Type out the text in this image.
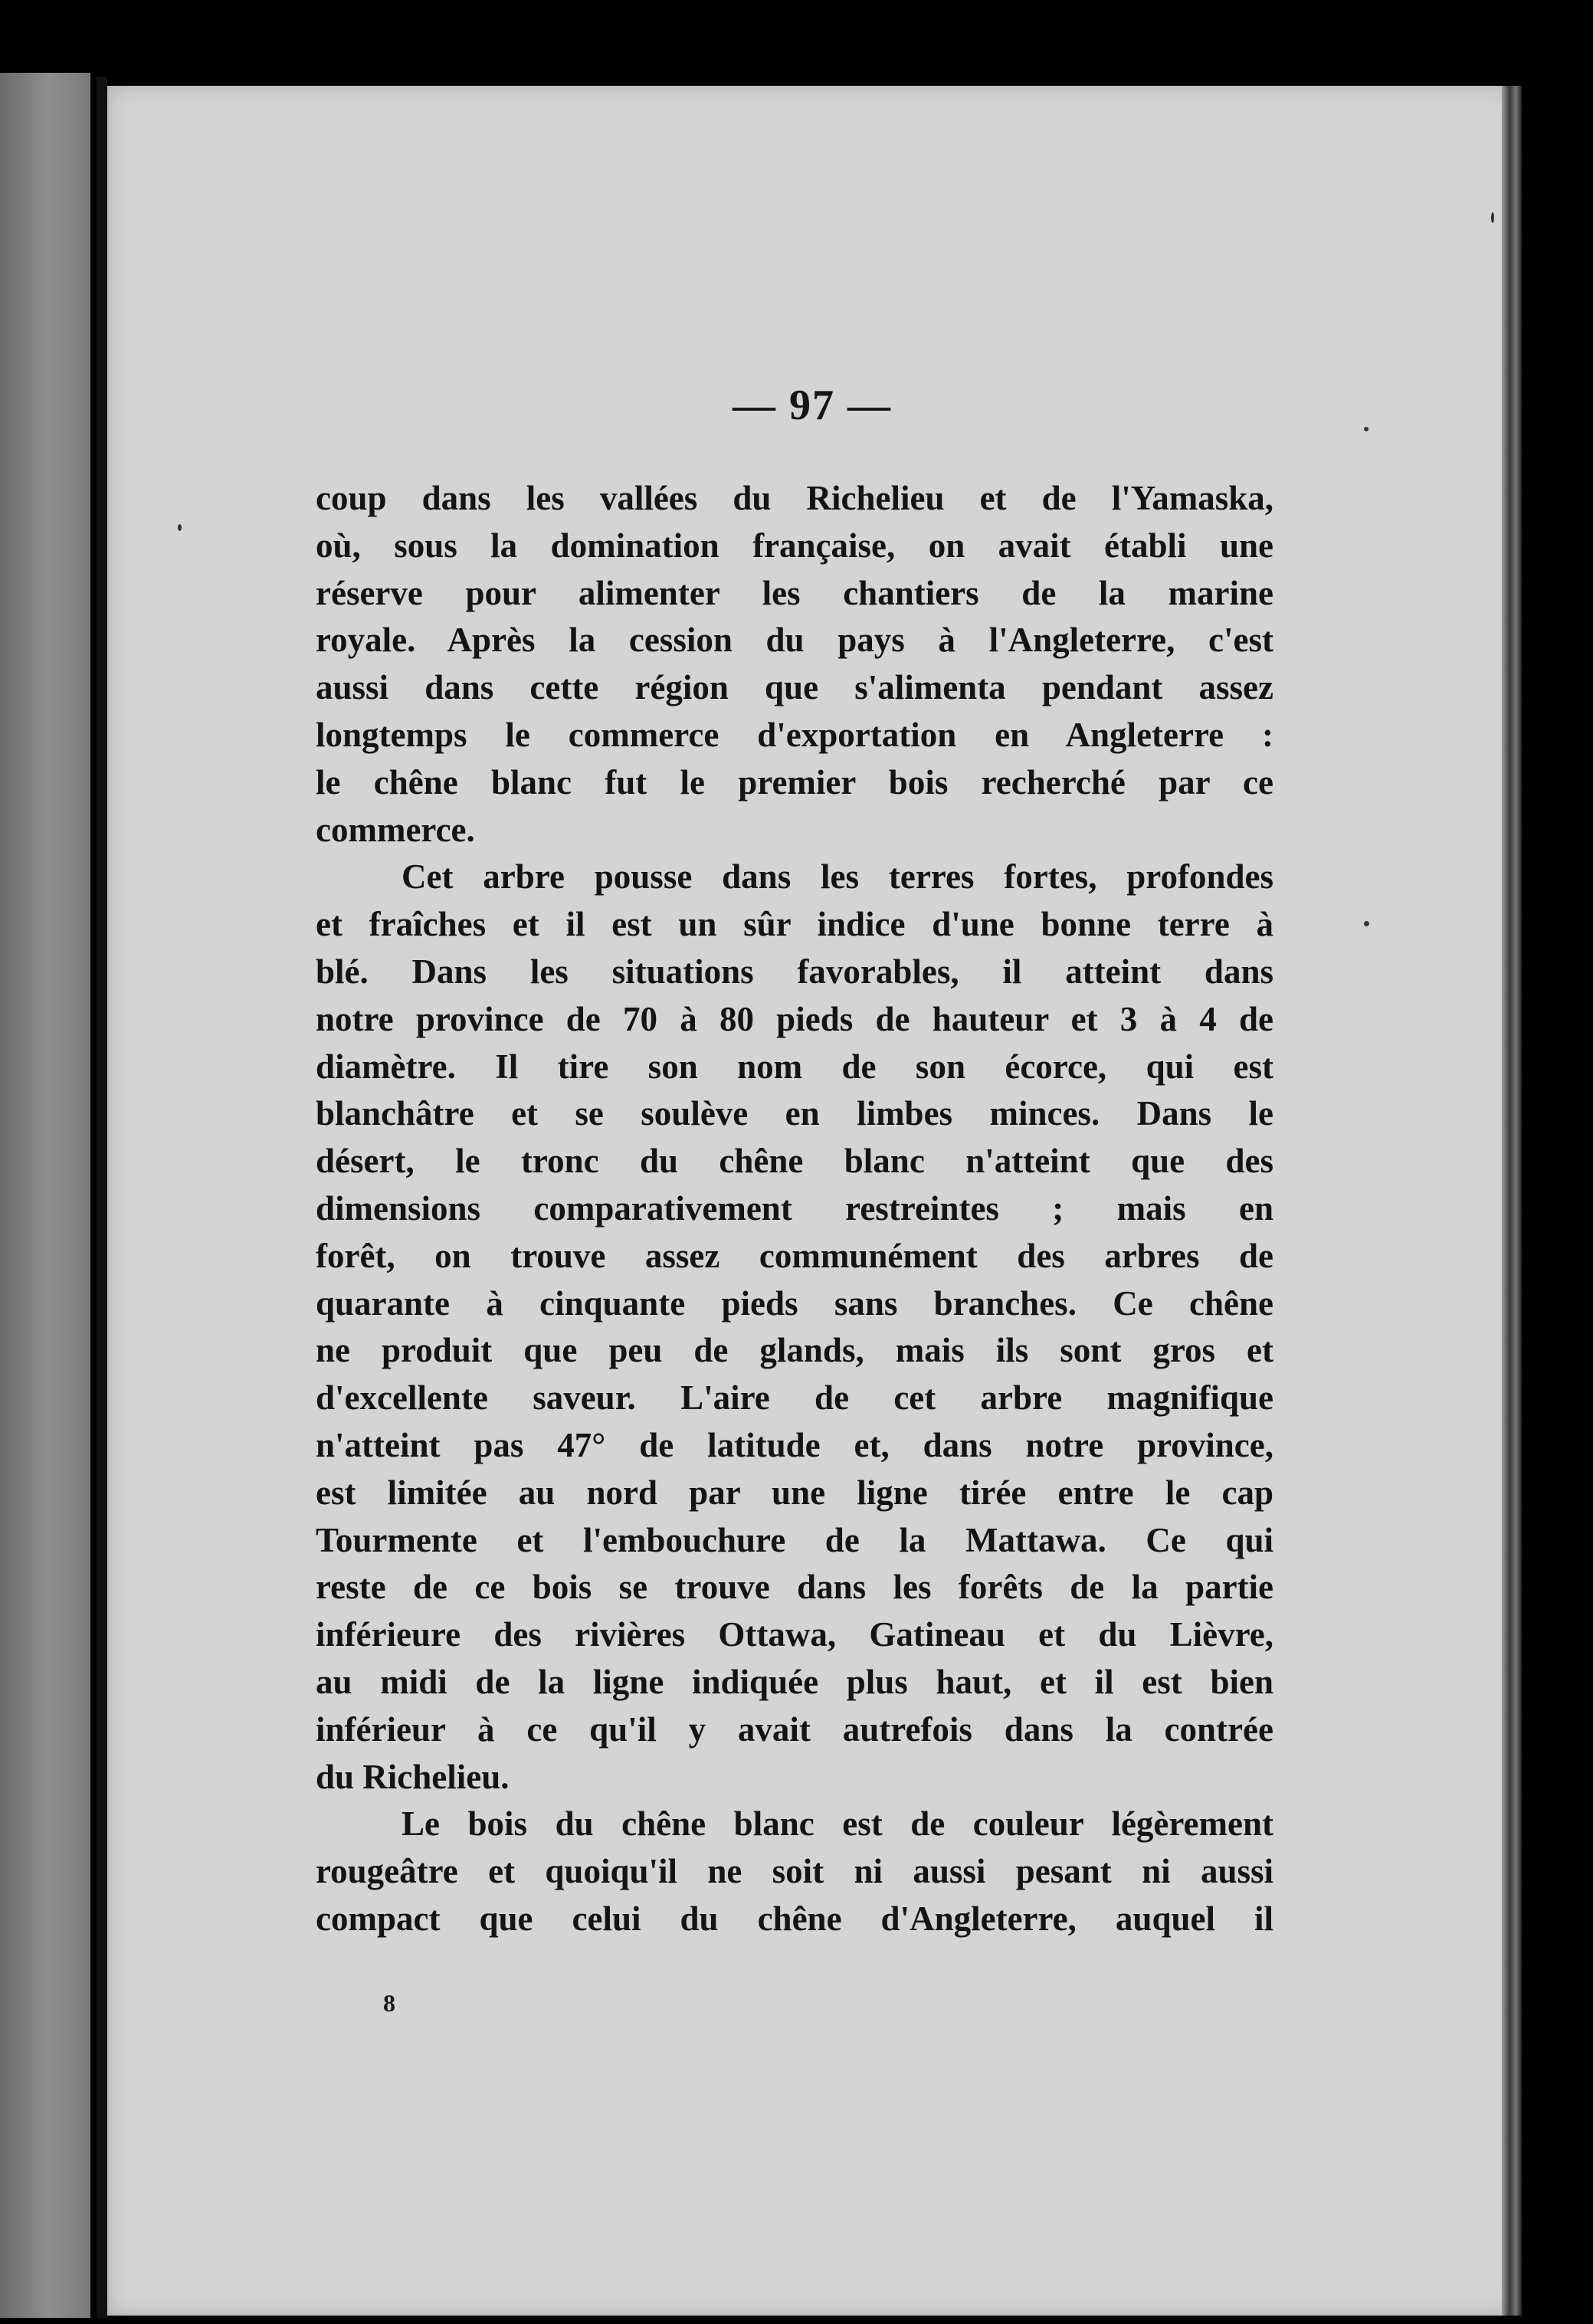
— 97 —
coup dans les vallées du Richelieu et de l'Yamaska,
où, sous la domination française, on avait établi une
réserve pour alimenter les chantiers de la marine
royale. Après la cession du pays à l'Angleterre, c'est
aussi dans cette région que s'alimenta pendant assez
longtemps le commerce d'exportation en Angleterre :
le chêne blanc fut le premier bois recherché par ce
commerce.
Cet arbre pousse dans les terres fortes, profondes
et fraîches et il est un sûr indice d'une bonne terre à
blé. Dans les situations favorables, il atteint dans
notre province de 70 à 80 pieds de hauteur et 3 à 4 de
diamètre. Il tire son nom de son écorce, qui est
blanchâtre et se soulève en limbes minces. Dans le
désert, le tronc du chêne blanc n'atteint que des
dimensions comparativement restreintes ; mais en
forêt, on trouve assez communément des arbres de
quarante à cinquante pieds sans branches. Ce chêne
ne produit que peu de glands, mais ils sont gros et
d'excellente saveur. L'aire de cet arbre magnifique
n'atteint pas 47° de latitude et, dans notre province,
est limitée au nord par une ligne tirée entre le cap
Tourmente et l'embouchure de la Mattawa. Ce qui
reste de ce bois se trouve dans les forêts de la partie
inférieure des rivières Ottawa, Gatineau et du Lièvre,
au midi de la ligne indiquée plus haut, et il est bien
inférieur à ce qu'il y avait autrefois dans la contrée
du Richelieu.
Le bois du chêne blanc est de couleur légèrement
rougeâtre et quoiqu'il ne soit ni aussi pesant ni aussi
compact que celui du chêne d'Angleterre, auquel il
8
